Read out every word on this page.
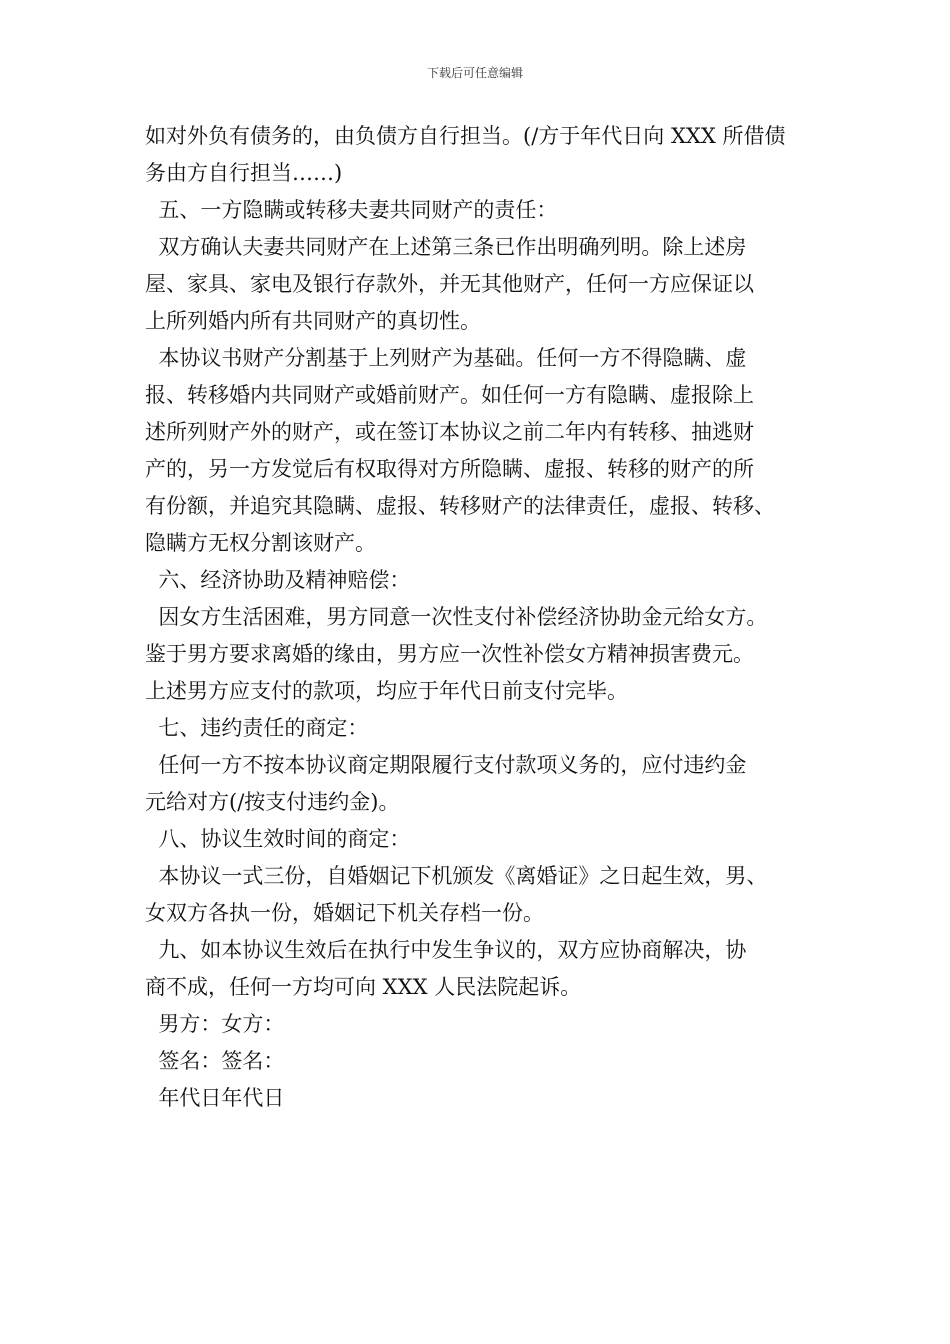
下载后可任意编辑

如对外负有债务的，由负债方自行担当。(/方于年代日向 XXX 所借债

务由方自行担当……)

五、一方隐瞒或转移夫妻共同财产的责任：

双方确认夫妻共同财产在上述第三条已作出明确列明。除上述房

屋、家具、家电及银行存款外，并无其他财产，任何一方应保证以

上所列婚内所有共同财产的真切性。

本协议书财产分割基于上列财产为基础。任何一方不得隐瞒、虚

报、转移婚内共同财产或婚前财产。如任何一方有隐瞒、虚报除上

述所列财产外的财产，或在签订本协议之前二年内有转移、抽逃财

产的，另一方发觉后有权取得对方所隐瞒、虚报、转移的财产的所

有份额，并追究其隐瞒、虚报、转移财产的法律责任，虚报、转移、

隐瞒方无权分割该财产。

六、经济协助及精神赔偿：

因女方生活困难，男方同意一次性支付补偿经济协助金元给女方。

鉴于男方要求离婚的缘由，男方应一次性补偿女方精神损害费元。

上述男方应支付的款项，均应于年代日前支付完毕。

七、违约责任的商定：

任何一方不按本协议商定期限履行支付款项义务的，应付违约金

元给对方(/按支付违约金)。

八、协议生效时间的商定：

本协议一式三份，自婚姻记下机颁发《离婚证》之日起生效，男、

女双方各执一份，婚姻记下机关存档一份。

九、如本协议生效后在执行中发生争议的，双方应协商解决，协

商不成，任何一方均可向 XXX 人民法院起诉。

男方：女方：

签名：签名：

年代日年代日
